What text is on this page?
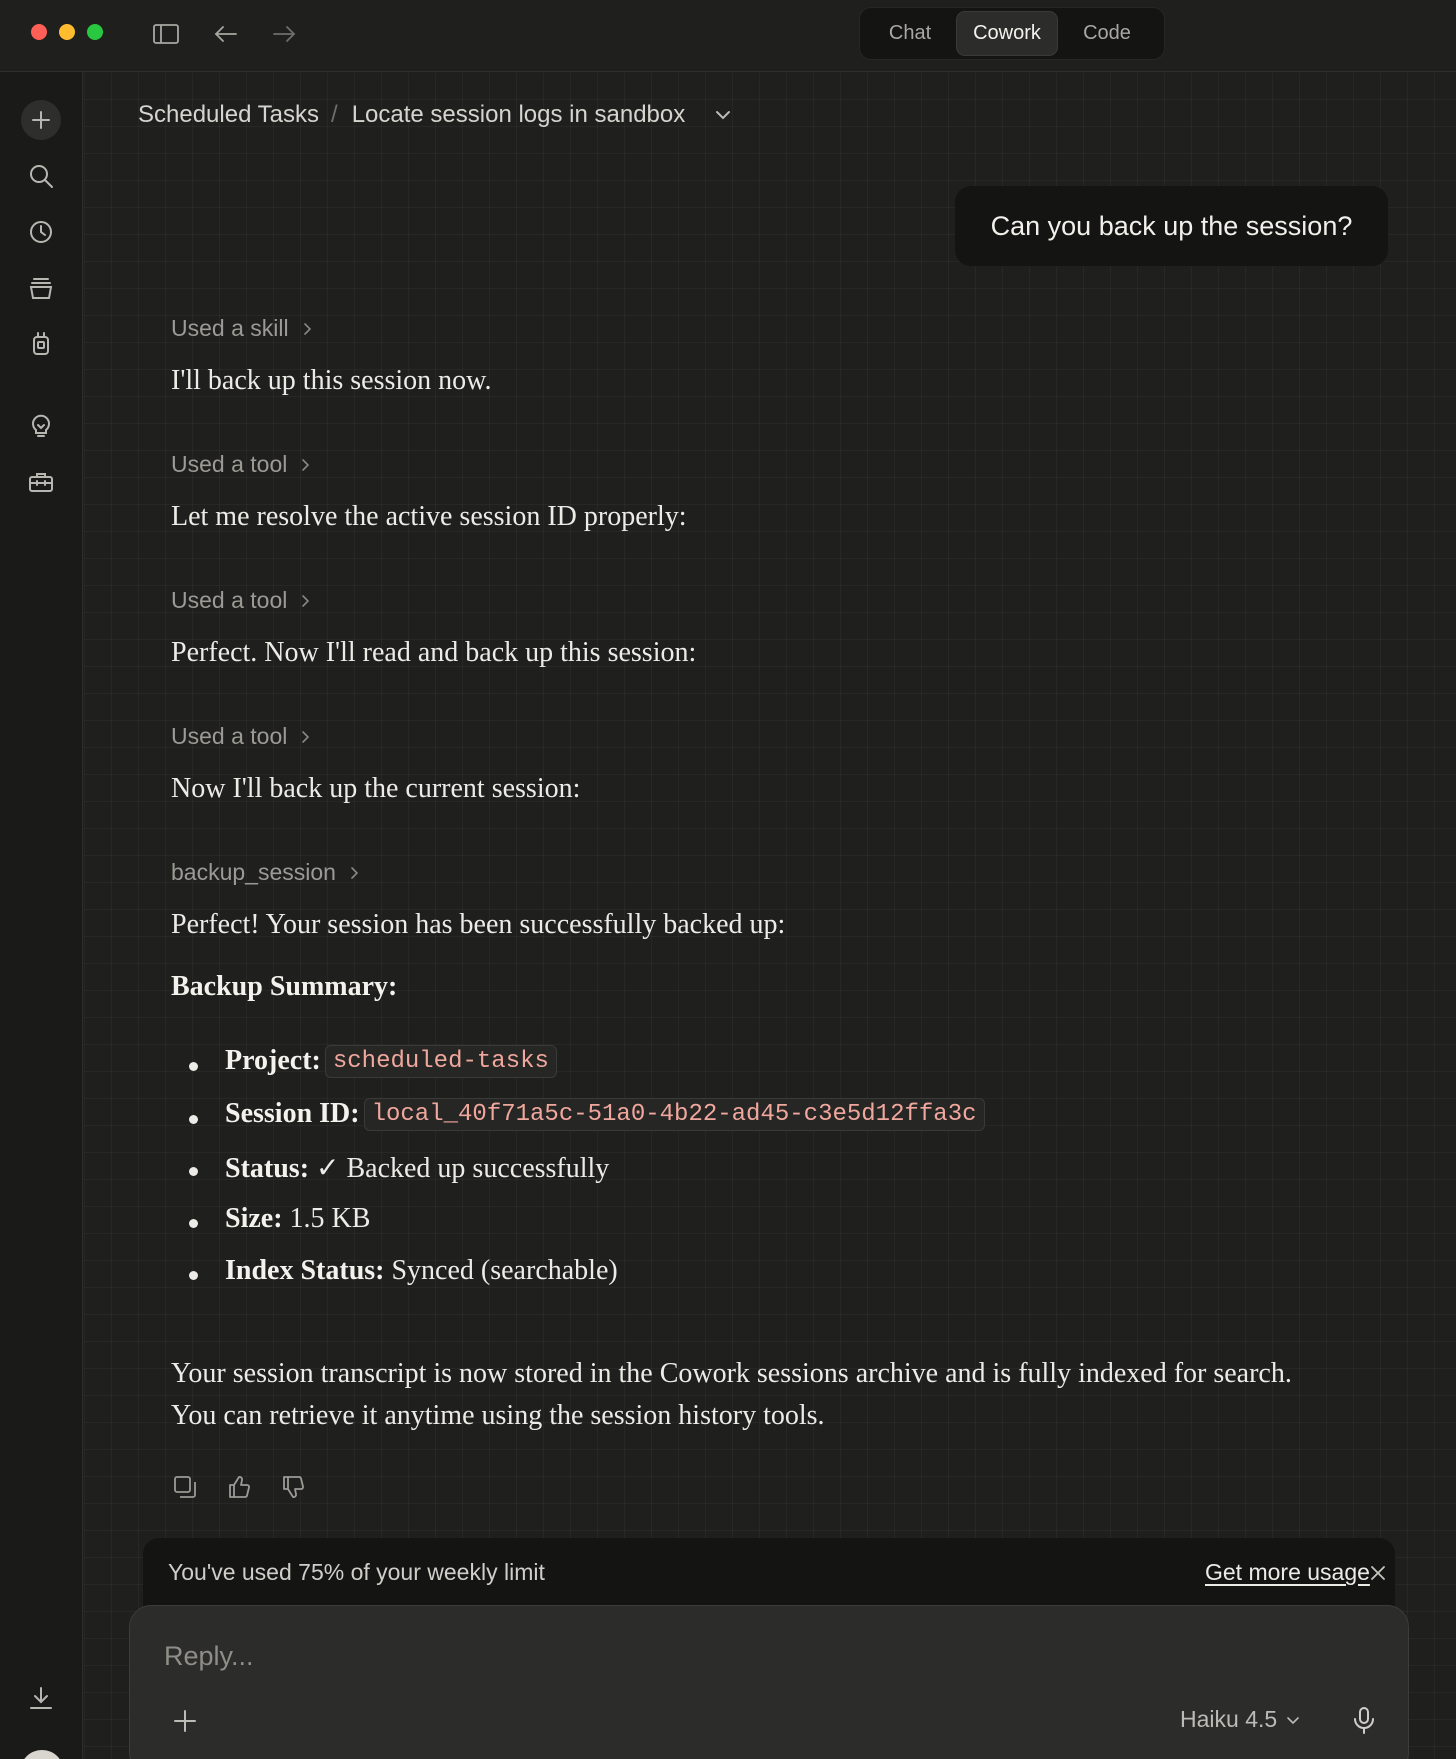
Chat	Cowork	Code
Scheduled Tasks / Locate session logs in sandbox
Can you back up the session?
Used a skill
I'll back up this session now.
Used a tool
Let me resolve the active session ID properly:
Used a tool
Perfect. Now I'll read and back up this session:
Used a tool
Now I'll back up the current session:
backup_session
Perfect! Your session has been successfully backed up:
Backup Summary:
Project: scheduled-tasks
Session ID: local_40f71a5c-51a0-4b22-ad45-c3e5d12ffa3c
Status: ✓ Backed up successfully
Size: 1.5 KB
Index Status: Synced (searchable)
Your session transcript is now stored in the Cowork sessions archive and is fully indexed for search. You can retrieve it anytime using the session history tools.
You've used 75% of your weekly limit	Get more usage
Reply...
Haiku 4.5
